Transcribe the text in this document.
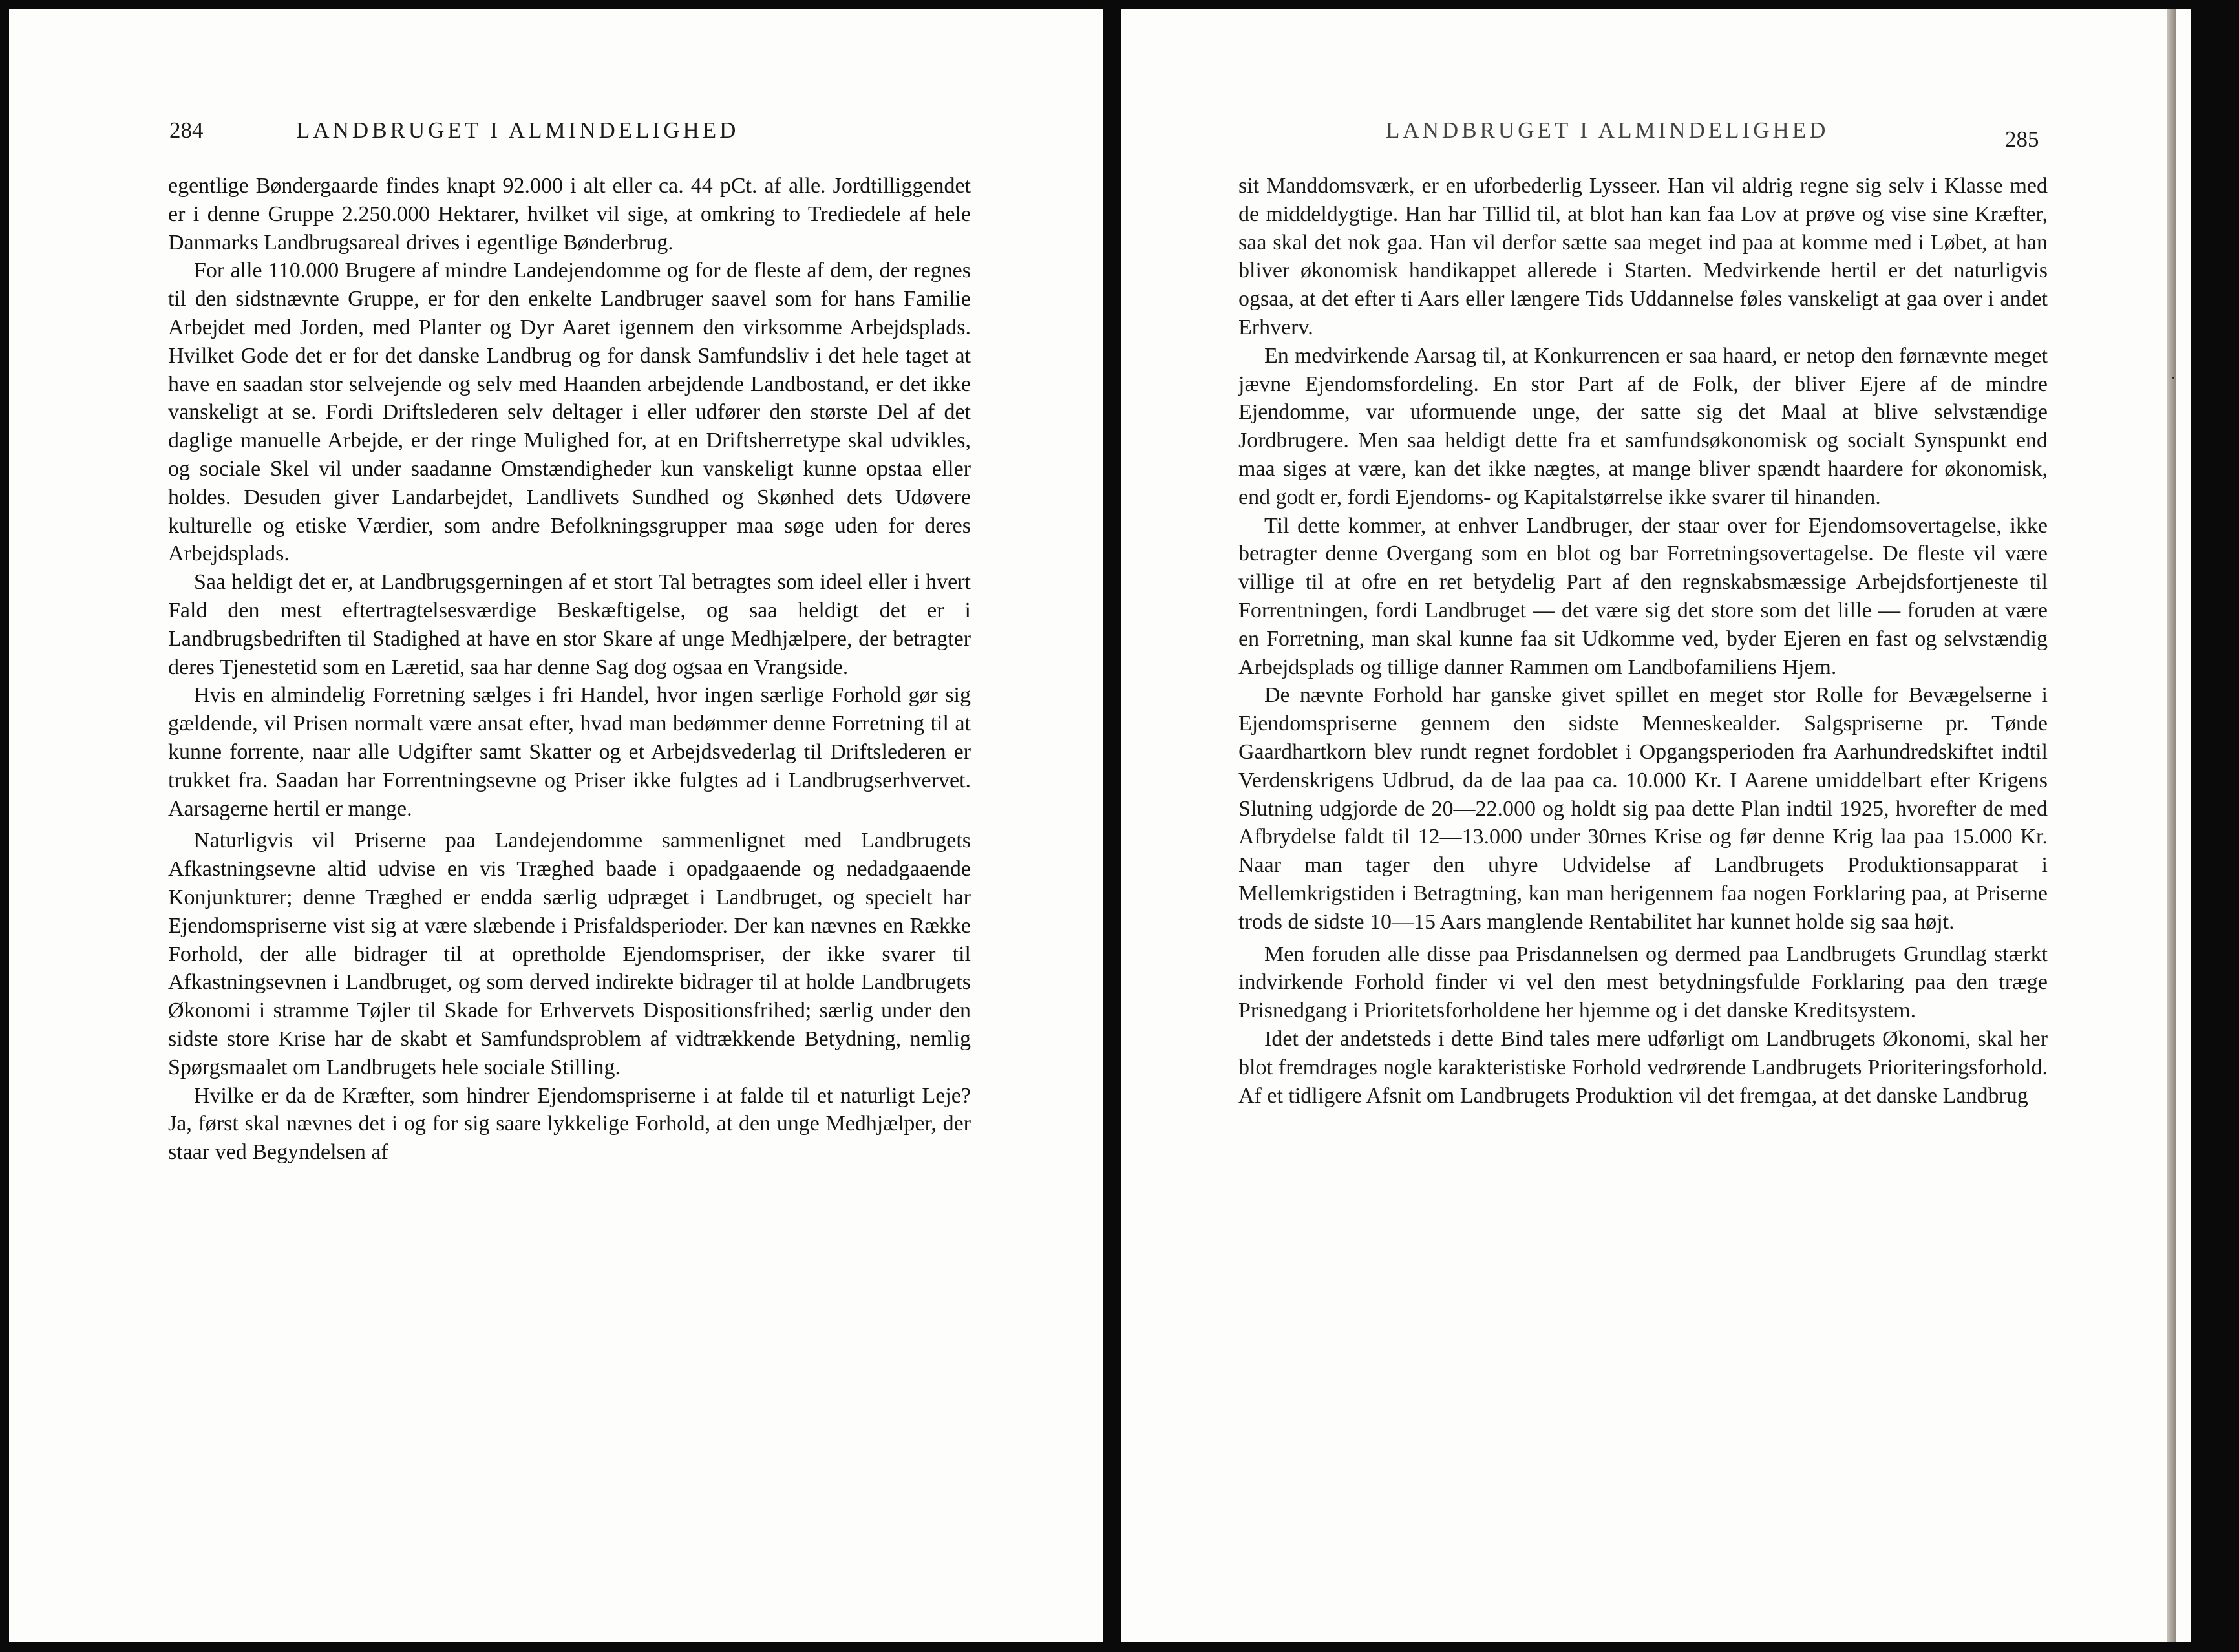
284	LANDBRUGET I ALMINDELIGHED

egentlige Bøndergaarde findes knapt 92.000 i alt eller ca. 44 pCt. af alle. Jordtilliggendet er i denne Gruppe 2.250.000 Hektarer, hvilket vil sige, at omkring to Trediedele af hele Danmarks Landbrugsareal drives i egentlige Bønderbrug.

For alle 110.000 Brugere af mindre Landejendomme og for de fleste af dem, der regnes til den sidstnævnte Gruppe, er for den enkelte Landbruger saavel som for hans Familie Arbejdet med Jorden, med Planter og Dyr Aaret igennem den virksomme Arbejdsplads. Hvilket Gode det er for det danske Landbrug og for dansk Samfundsliv i det hele taget at have en saadan stor selvejende og selv med Haanden arbejdende Landbostand, er det ikke vanskeligt at se. Fordi Driftslederen selv deltager i eller udfører den største Del af det daglige manuelle Arbejde, er der ringe Mulighed for, at en Driftsherretype skal udvikles, og sociale Skel vil under saadanne Omstændigheder kun vanskeligt kunne opstaa eller holdes. Desuden giver Landarbejdet, Landlivets Sundhed og Skønhed dets Udøvere kulturelle og etiske Værdier, som andre Befolkningsgrupper maa søge uden for deres Arbejdsplads.

Saa heldigt det er, at Landbrugsgerningen af et stort Tal betragtes som ideel eller i hvert Fald den mest eftertragtelsesværdige Beskæftigelse, og saa heldigt det er i Landbrugsbedriften til Stadighed at have en stor Skare af unge Medhjælpere, der betragter deres Tjenestetid som en Læretid, saa har denne Sag dog ogsaa en Vrangside.

Hvis en almindelig Forretning sælges i fri Handel, hvor ingen særlige Forhold gør sig gældende, vil Prisen normalt være ansat efter, hvad man bedømmer denne Forretning til at kunne forrente, naar alle Udgifter samt Skatter og et Arbejdsvederlag til Driftslederen er trukket fra. Saadan har Forrentningsevne og Priser ikke fulgtes ad i Landbrugserhvervet. Aarsagerne hertil er mange.

Naturligvis vil Priserne paa Landejendomme sammenlignet med Landbrugets Afkastningsevne altid udvise en vis Træghed baade i opadgaaende og nedadgaaende Konjunkturer; denne Træghed er endda særlig udpræget i Landbruget, og specielt har Ejendomspriserne vist sig at være slæbende i Prisfaldsperioder. Der kan nævnes en Række Forhold, der alle bidrager til at opretholde Ejendomspriser, der ikke svarer til Afkastningsevnen i Landbruget, og som derved indirekte bidrager til at holde Landbrugets Økonomi i stramme Tøjler til Skade for Erhvervets Dispositionsfrihed; særlig under den sidste store Krise har de skabt et Samfundsproblem af vidtrækkende Betydning, nemlig Spørgsmaalet om Landbrugets hele sociale Stilling.

Hvilke er da de Kræfter, som hindrer Ejendomspriserne i at falde til et naturligt Leje? Ja, først skal nævnes det i og for sig saare lykkelige Forhold, at den unge Medhjælper, der staar ved Begyndelsen af

LANDBRUGET I ALMINDELIGHED	285

sit Manddomsværk, er en uforbederlig Lysseer. Han vil aldrig regne sig selv i Klasse med de middeldygtige. Han har Tillid til, at blot han kan faa Lov at prøve og vise sine Kræfter, saa skal det nok gaa. Han vil derfor sætte saa meget ind paa at komme med i Løbet, at han bliver økonomisk handikappet allerede i Starten. Medvirkende hertil er det naturligvis ogsaa, at det efter ti Aars eller længere Tids Uddannelse føles vanskeligt at gaa over i andet Erhverv.

En medvirkende Aarsag til, at Konkurrencen er saa haard, er netop den førnævnte meget jævne Ejendomsfordeling. En stor Part af de Folk, der bliver Ejere af de mindre Ejendomme, var uformuende unge, der satte sig det Maal at blive selvstændige Jordbrugere. Men saa heldigt dette fra et samfundsøkonomisk og socialt Synspunkt end maa siges at være, kan det ikke nægtes, at mange bliver spændt haardere for økonomisk, end godt er, fordi Ejendoms- og Kapitalstørrelse ikke svarer til hinanden.

Til dette kommer, at enhver Landbruger, der staar over for Ejendomsovertagelse, ikke betragter denne Overgang som en blot og bar Forretningsovertagelse. De fleste vil være villige til at ofre en ret betydelig Part af den regnskabsmæssige Arbejdsfortjeneste til Forrentningen, fordi Landbruget — det være sig det store som det lille — foruden at være en Forretning, man skal kunne faa sit Udkomme ved, byder Ejeren en fast og selvstændig Arbejdsplads og tillige danner Rammen om Landbofamiliens Hjem.

De nævnte Forhold har ganske givet spillet en meget stor Rolle for Bevægelserne i Ejendomspriserne gennem den sidste Menneskealder. Salgspriserne pr. Tønde Gaardhartkorn blev rundt regnet fordoblet i Opgangsperioden fra Aarhundredskiftet indtil Verdenskrigens Udbrud, da de laa paa ca. 10.000 Kr. I Aarene umiddelbart efter Krigens Slutning udgjorde de 20—22.000 og holdt sig paa dette Plan indtil 1925, hvorefter de med Afbrydelse faldt til 12—13.000 under 30rnes Krise og før denne Krig laa paa 15.000 Kr. Naar man tager den uhyre Udvidelse af Landbrugets Produktionsapparat i Mellemkrigstiden i Betragtning, kan man herigennem faa nogen Forklaring paa, at Priserne trods de sidste 10—15 Aars manglende Rentabilitet har kunnet holde sig saa højt.

Men foruden alle disse paa Prisdannelsen og dermed paa Landbrugets Grundlag stærkt indvirkende Forhold finder vi vel den mest betydningsfulde Forklaring paa den træge Prisnedgang i Prioritetsforholdene her hjemme og i det danske Kreditsystem.

Idet der andetsteds i dette Bind tales mere udførligt om Landbrugets Økonomi, skal her blot fremdrages nogle karakteristiske Forhold vedrørende Landbrugets Prioriteringsforhold. Af et tidligere Afsnit om Landbrugets Produktion vil det fremgaa, at det danske Landbrug

·
